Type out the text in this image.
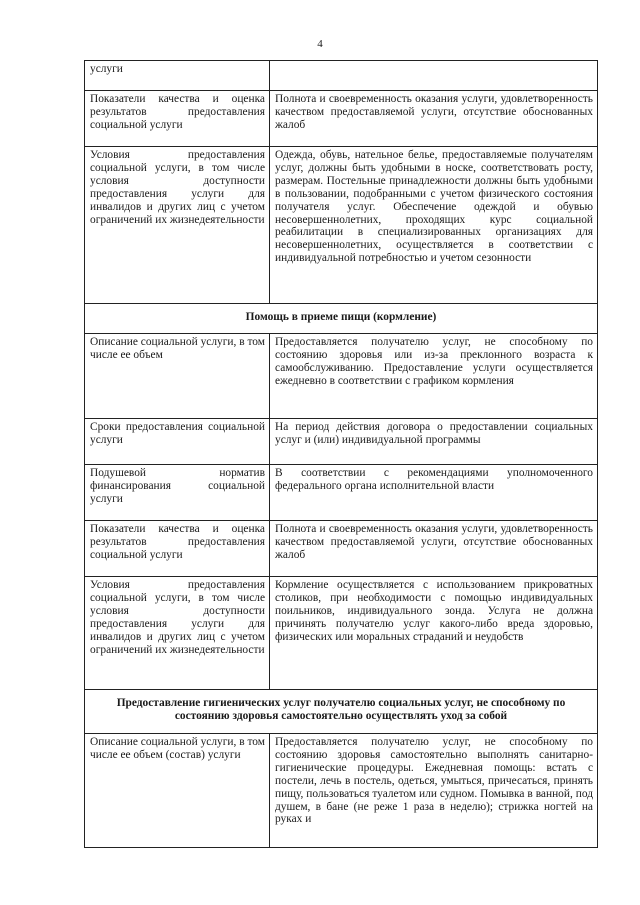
4
услуги	

Показатели качества и оценка результатов предоставления социальной услуги	Полнота и своевременность оказания услуги, удовлетворенность качеством предоставляемой услуги, отсутствие обоснованных жалоб

Условия предоставления социальной услуги, в том числе условия доступности предоставления услуги для инвалидов и других лиц с учетом ограничений их жизнедеятельности	Одежда, обувь, нательное белье, предоставляемые получателям услуг, должны быть удобными в носке, соответствовать росту, размерам. Постельные принадлежности должны быть удобными в пользовании, подобранными с учетом физического состояния получателя услуг. Обеспечение одеждой и обувью несовершеннолетних, проходящих курс социальной реабилитации в специализированных организациях для несовершеннолетних, осуществляется в соответствии с индивидуальной потребностью и учетом сезонности

Помощь в приеме пищи (кормление)	

Описание социальной услуги, в том числе ее объем	Предоставляется получателю услуг, не способному по состоянию здоровья или из-за преклонного возраста к самообслуживанию. Предоставление услуги осуществляется ежедневно в соответствии с графиком кормления

Сроки предоставления социальной услуги	На период действия договора о предоставлении социальных услуг и (или) индивидуальной программы

Подушевой норматив финансирования социальной услуги	В соответствии с рекомендациями уполномоченного федерального органа исполнительной власти

Показатели качества и оценка результатов предоставления социальной услуги	Полнота и своевременность оказания услуги, удовлетворенность качеством предоставляемой услуги, отсутствие обоснованных жалоб

Условия предоставления социальной услуги, в том числе условия доступности предоставления услуги для инвалидов и других лиц с учетом ограничений их жизнедеятельности	Кормление осуществляется с использованием прикроватных столиков, при необходимости с помощью индивидуальных поильников, индивидуального зонда. Услуга не должна причинять получателю услуг какого-либо вреда здоровью, физических или моральных страданий и неудобств

Предоставление гигиенических услуг получателю социальных услуг, не способному по состоянию здоровья самостоятельно осуществлять уход за собой	

Описание социальной услуги, в том числе ее объем (состав) услуги	Предоставляется получателю услуг, не способному по состоянию здоровья самостоятельно выполнять санитарно-гигиенические процедуры. Ежедневная помощь: встать с постели, лечь в постель, одеться, умыться, причесаться, принять пищу, пользоваться туалетом или судном. Помывка в ванной, под душем, в бане (не реже 1 раза в неделю); стрижка ногтей на руках и
